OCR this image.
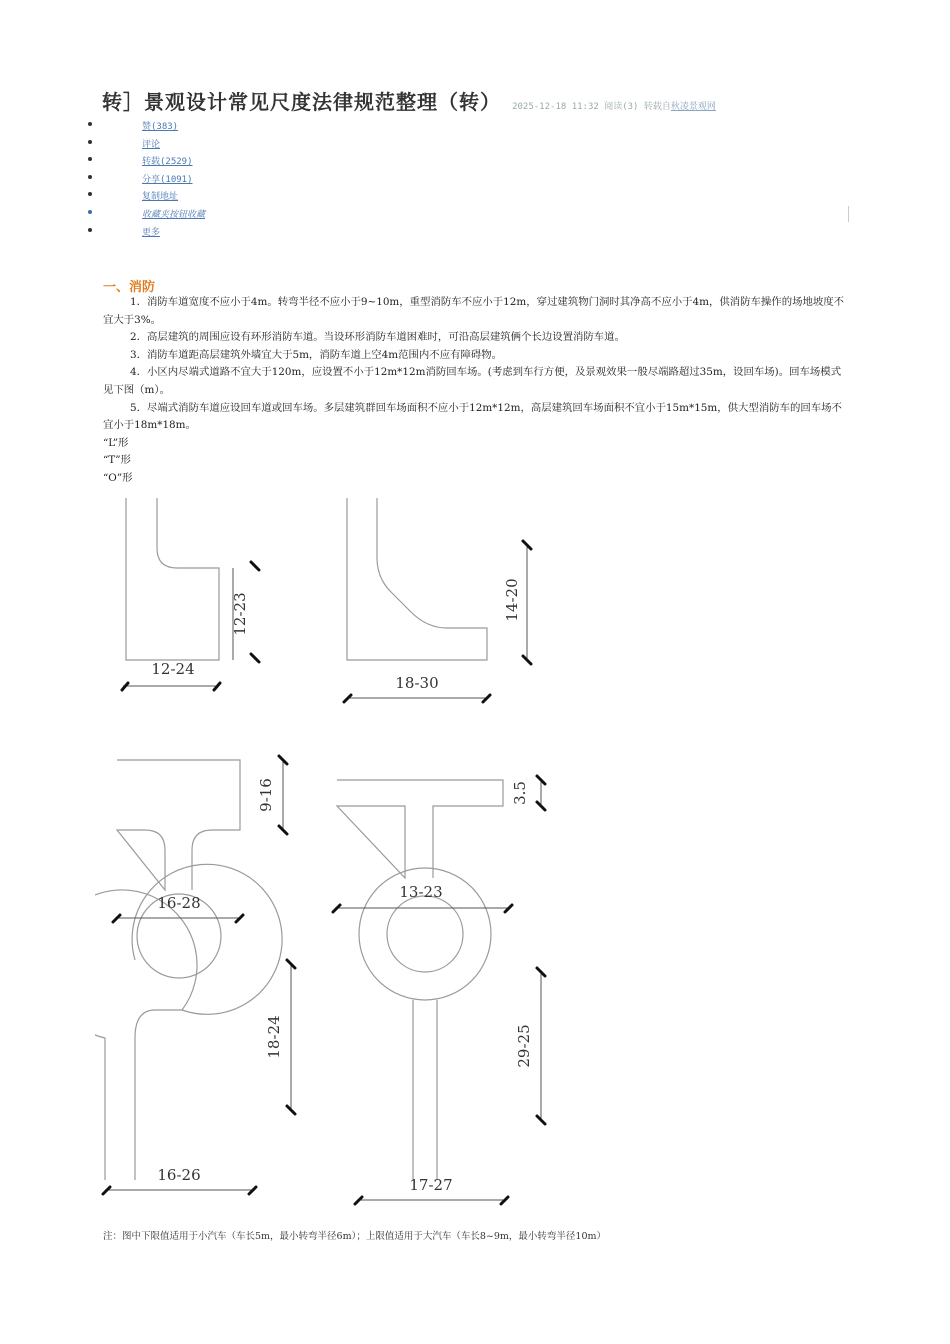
转］景观设计常见尺度法律规范整理（转） 2025-12-18 11:32 阅读(3) 转载自秋凌景观网
赞(383)
评论
转载(2529)
分享(1091)
复制地址
收藏夹按钮收藏
更多
一、消防

1．消防车道宽度不应小于4m。转弯半径不应小于9~10m，重型消防车不应小于12m，穿过建筑物门洞时其净高不应小于4m，供消防车操作的场地坡度不宜大于3%。

2．高层建筑的周围应设有环形消防车道。当设环形消防车道困难时，可沿高层建筑俩个长边设置消防车道。

3．消防车道距高层建筑外墙宜大于5m，消防车道上空4m范围内不应有障碍物。

4．小区内尽端式道路不宜大于120m，应设置不小于12m*12m消防回车场。(考虑到车行方便，及景观效果一般尽端路超过35m，设回车场)。回车场模式见下图（m）。

5．尽端式消防车道应设回车道或回车场。多层建筑群回车场面积不应小于12m*12m，高层建筑回车场面积不宜小于15m*15m，供大型消防车的回车场不宜小于18m*18m。

“L”形

“T”形

“O”形

12-23
12-24
14-20
18-30
9-16
16-28
3.5
13-23
18-24
16-26
29-25
17-27
注：图中下限值适用于小汽车（车长5m，最小转弯半径6m）；上限值适用于大汽车（车长8~9m，最小转弯半径10m）
